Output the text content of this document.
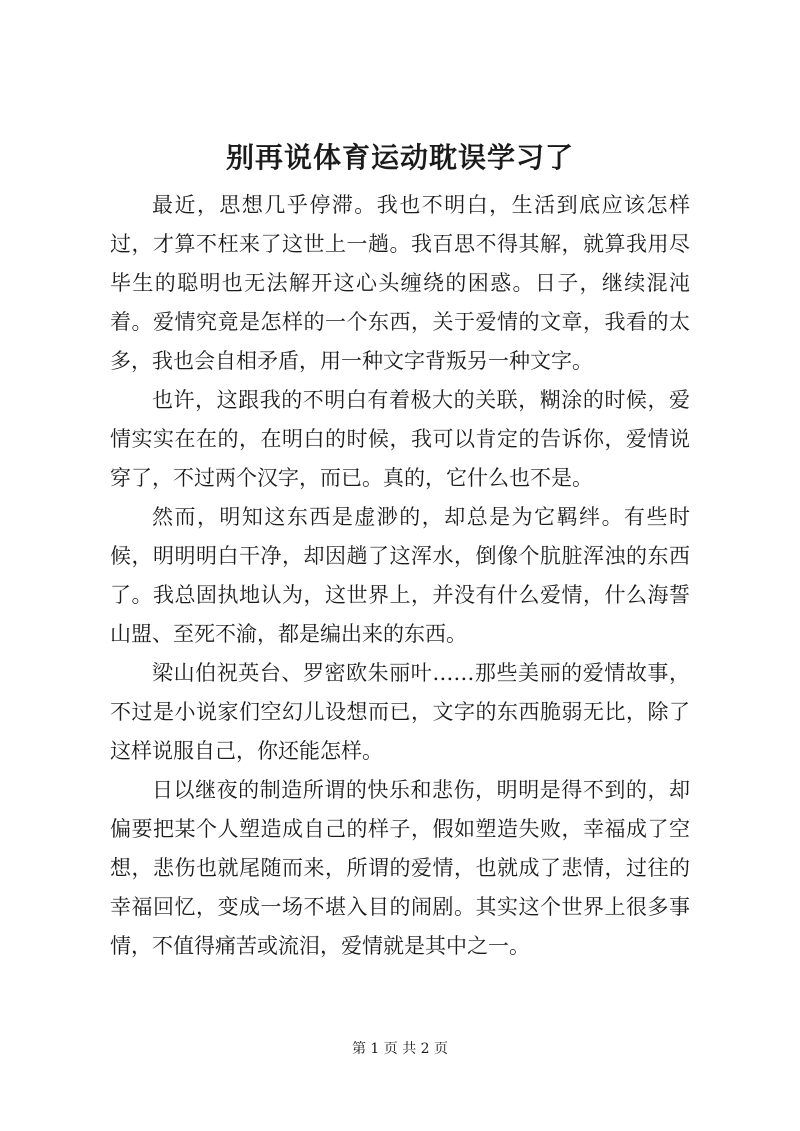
别再说体育运动耽误学习了

最近，思想几乎停滞。我也不明白，生活到底应该怎样过，才算不枉来了这世上一趟。我百思不得其解，就算我用尽毕生的聪明也无法解开这心头缠绕的困惑。日子，继续混沌着。爱情究竟是怎样的一个东西，关于爱情的文章，我看的太多，我也会自相矛盾，用一种文字背叛另一种文字。

也许，这跟我的不明白有着极大的关联，糊涂的时候，爱情实实在在的，在明白的时候，我可以肯定的告诉你，爱情说穿了，不过两个汉字，而已。真的，它什么也不是。

然而，明知这东西是虚渺的，却总是为它羁绊。有些时候，明明明白干净，却因趟了这浑水，倒像个肮脏浑浊的东西了。我总固执地认为，这世界上，并没有什么爱情，什么海誓山盟、至死不渝，都是编出来的东西。

梁山伯祝英台、罗密欧朱丽叶……那些美丽的爱情故事，不过是小说家们空幻儿设想而已，文字的东西脆弱无比，除了这样说服自己，你还能怎样。

日以继夜的制造所谓的快乐和悲伤，明明是得不到的，却偏要把某个人塑造成自己的样子，假如塑造失败，幸福成了空想，悲伤也就尾随而来，所谓的爱情，也就成了悲情，过往的幸福回忆，变成一场不堪入目的闹剧。其实这个世界上很多事情，不值得痛苦或流泪，爱情就是其中之一。

第 1 页 共 2 页
